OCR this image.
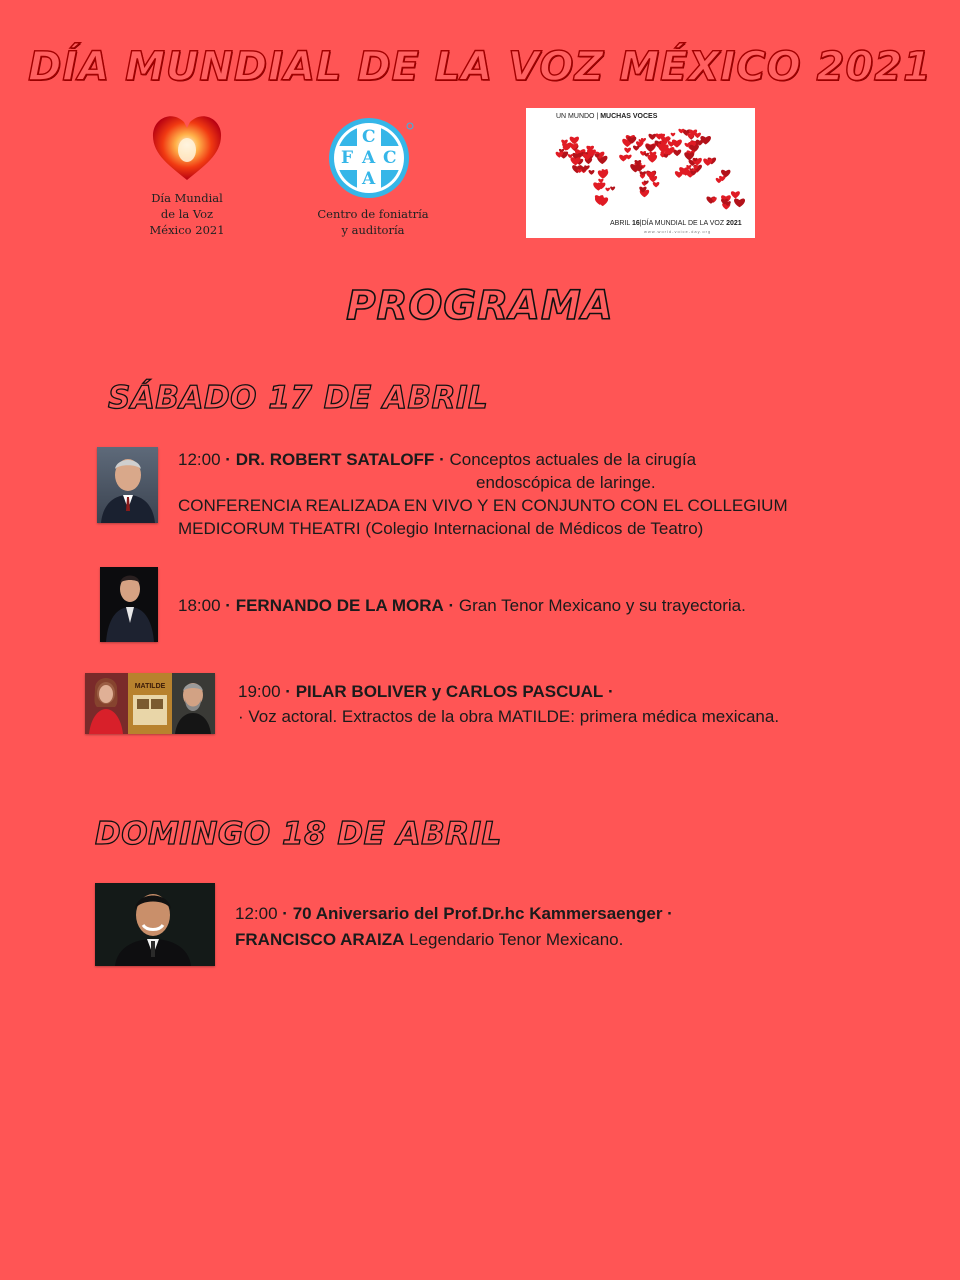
DÍA MUNDIAL DE LA VOZ MÉXICO 2021
Día Mundial
de la Voz
México 2021
C
F A C
A
Centro de foniatría
y auditoría
UN MUNDO | MUCHAS VOCES
ABRIL 16|DÍA MUNDIAL DE LA VOZ 2021
www.world-voice-day.org
PROGRAMA
SÁBADO 17 DE ABRIL
12:00 · DR. ROBERT SATALOFF · Conceptos actuales de la cirugía
endoscópica de laringe.
CONFERENCIA REALIZADA EN VIVO Y EN CONJUNTO CON EL COLLEGIUM
MEDICORUM THEATRI (Colegio Internacional de Médicos de Teatro)
18:00 · FERNANDO DE LA MORA · Gran Tenor Mexicano y su trayectoria.
MATILDE	19:00 · PILAR BOLIVER y CARLOS PASCUAL ·
· Voz actoral. Extractos de la obra MATILDE: primera médica mexicana.
DOMINGO 18 DE ABRIL
12:00 · 70 Aniversario del Prof.Dr.hc Kammersaenger ·
FRANCISCO ARAIZA Legendario Tenor Mexicano.
